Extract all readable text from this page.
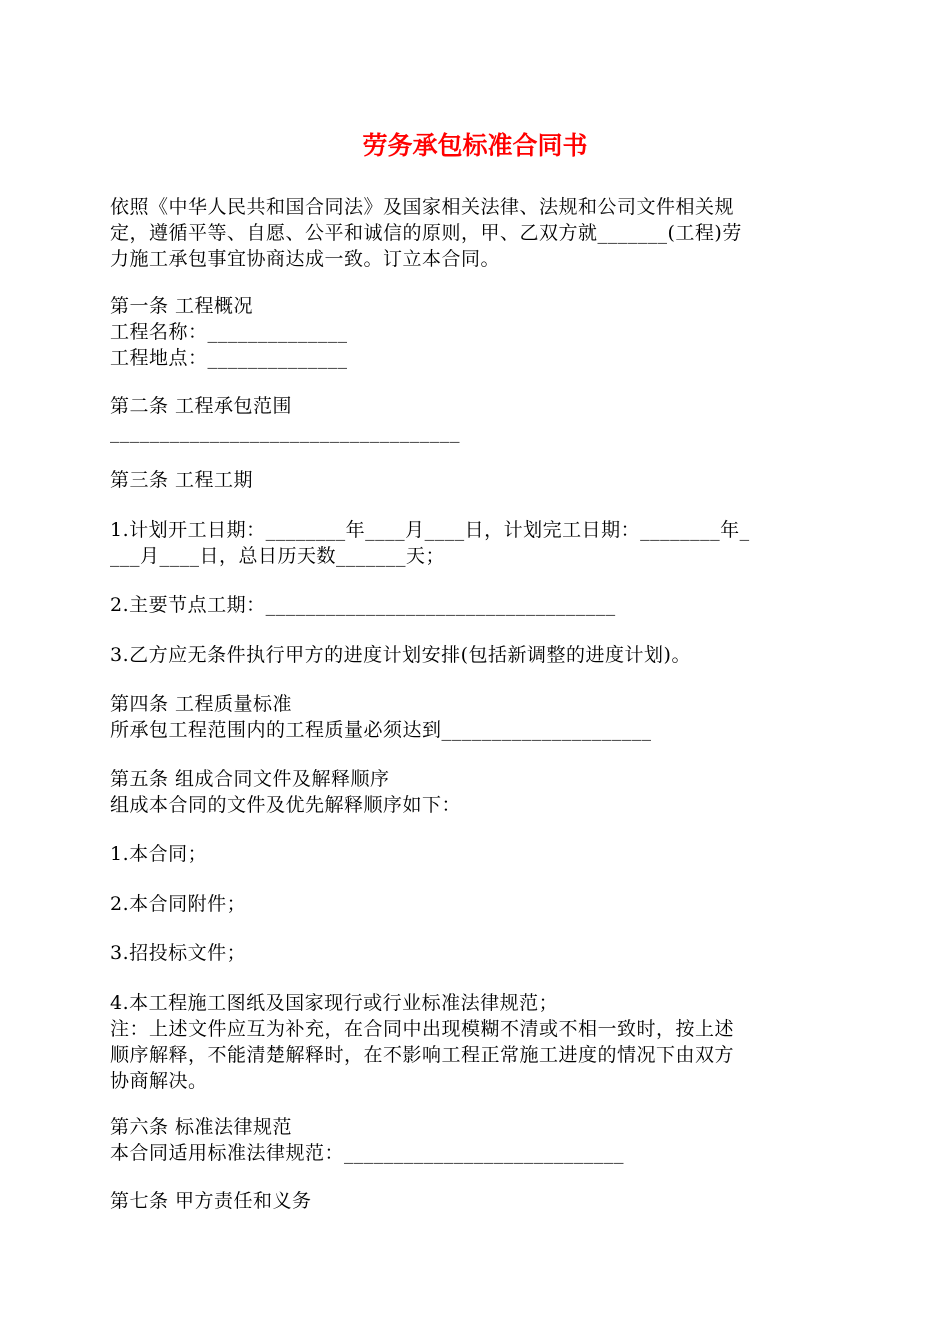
劳务承包标准合同书
依照《中华人民共和国合同法》及国家相关法律、法规和公司文件相关规
定，遵循平等、自愿、公平和诚信的原则，甲、乙双方就_______(工程)劳
力施工承包事宜协商达成一致。订立本合同。
第一条 工程概况
工程名称：______________
工程地点：______________
第二条 工程承包范围
___________________________________
第三条 工程工期
1.计划开工日期：________年____月____日，计划完工日期：________年_
___月____日，总日历天数_______天；
2.主要节点工期：___________________________________
3.乙方应无条件执行甲方的进度计划安排(包括新调整的进度计划)。
第四条 工程质量标准
所承包工程范围内的工程质量必须达到_____________________
第五条 组成合同文件及解释顺序
组成本合同的文件及优先解释顺序如下：
1.本合同；
2.本合同附件；
3.招投标文件；
4.本工程施工图纸及国家现行或行业标准法律规范；
注：上述文件应互为补充，在合同中出现模糊不清或不相一致时，按上述
顺序解释，不能清楚解释时，在不影响工程正常施工进度的情况下由双方
协商解决。
第六条 标准法律规范
本合同适用标准法律规范：____________________________
第七条 甲方责任和义务
